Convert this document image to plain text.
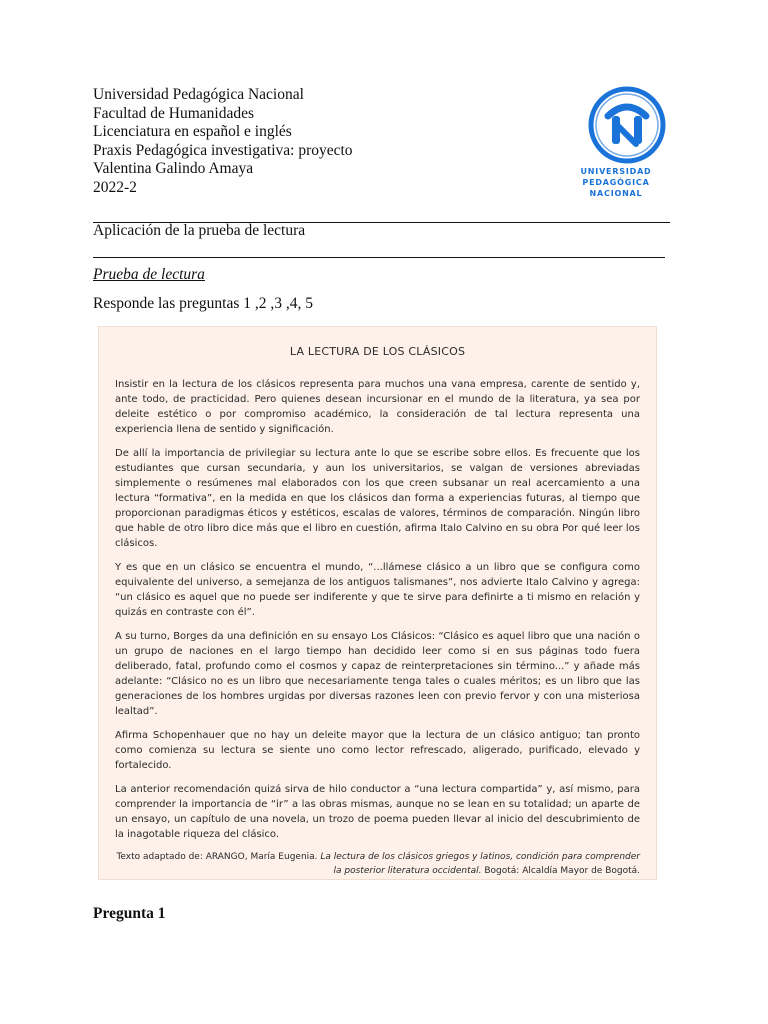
Universidad Pedagógica Nacional
Facultad de Humanidades
Licenciatura en español e inglés
Praxis Pedagógica investigativa: proyecto
Valentina Galindo Amaya
2022-2
UNIVERSIDAD PEDAGÓGICA
NACIONAL
Aplicación de la prueba de lectura
Prueba de lectura
Responde las preguntas 1 ,2 ,3 ,4, 5
LA LECTURA DE LOS CLÁSICOS

Insistir en la lectura de los clásicos representa para muchos una vana empresa, carente de sentido y, ante todo, de practicidad. Pero quienes desean incursionar en el mundo de la literatura, ya sea por deleite estético o por compromiso académico, la consideración de tal lectura representa una experiencia llena de sentido y significación.

De allí la importancia de privilegiar su lectura ante lo que se escribe sobre ellos. Es frecuente que los estudiantes que cursan secundaria, y aun los universitarios, se valgan de versiones abreviadas simplemente o resúmenes mal elaborados con los que creen subsanar un real acercamiento a una lectura “formativa”, en la medida en que los clásicos dan forma a experiencias futuras, al tiempo que proporcionan paradigmas éticos y estéticos, escalas de valores, términos de comparación. Ningún libro que hable de otro libro dice más que el libro en cuestión, afirma Italo Calvino en su obra Por qué leer los clásicos.

Y es que en un clásico se encuentra el mundo, “...llámese clásico a un libro que se configura como equivalente del universo, a semejanza de los antiguos talismanes”, nos advierte Italo Calvino y agrega: “un clásico es aquel que no puede ser indiferente y que te sirve para definirte a ti mismo en relación y quizás en contraste con él”.

A su turno, Borges da una definición en su ensayo Los Clásicos: “Clásico es aquel libro que una nación o un grupo de naciones en el largo tiempo han decidido leer como si en sus páginas todo fuera deliberado, fatal, profundo como el cosmos y capaz de reinterpretaciones sin término...” y añade más adelante: “Clásico no es un libro que necesariamente tenga tales o cuales méritos; es un libro que las generaciones de los hombres urgidas por diversas razones leen con previo fervor y con una misteriosa lealtad”.

Afirma Schopenhauer que no hay un deleite mayor que la lectura de un clásico antiguo; tan pronto como comienza su lectura se siente uno como lector refrescado, aligerado, purificado, elevado y fortalecido.

La anterior recomendación quizá sirva de hilo conductor a “una lectura compartida” y, así mismo, para comprender la importancia de “ir” a las obras mismas, aunque no se lean en su totalidad; un aparte de un ensayo, un capítulo de una novela, un trozo de poema pueden llevar al inicio del descubrimiento de la inagotable riqueza del clásico.

Texto adaptado de: ARANGO, María Eugenia. La lectura de los clásicos griegos y latinos, condición para comprender la posterior literatura occidental. Bogotá: Alcaldía Mayor de Bogotá.
Pregunta 1
